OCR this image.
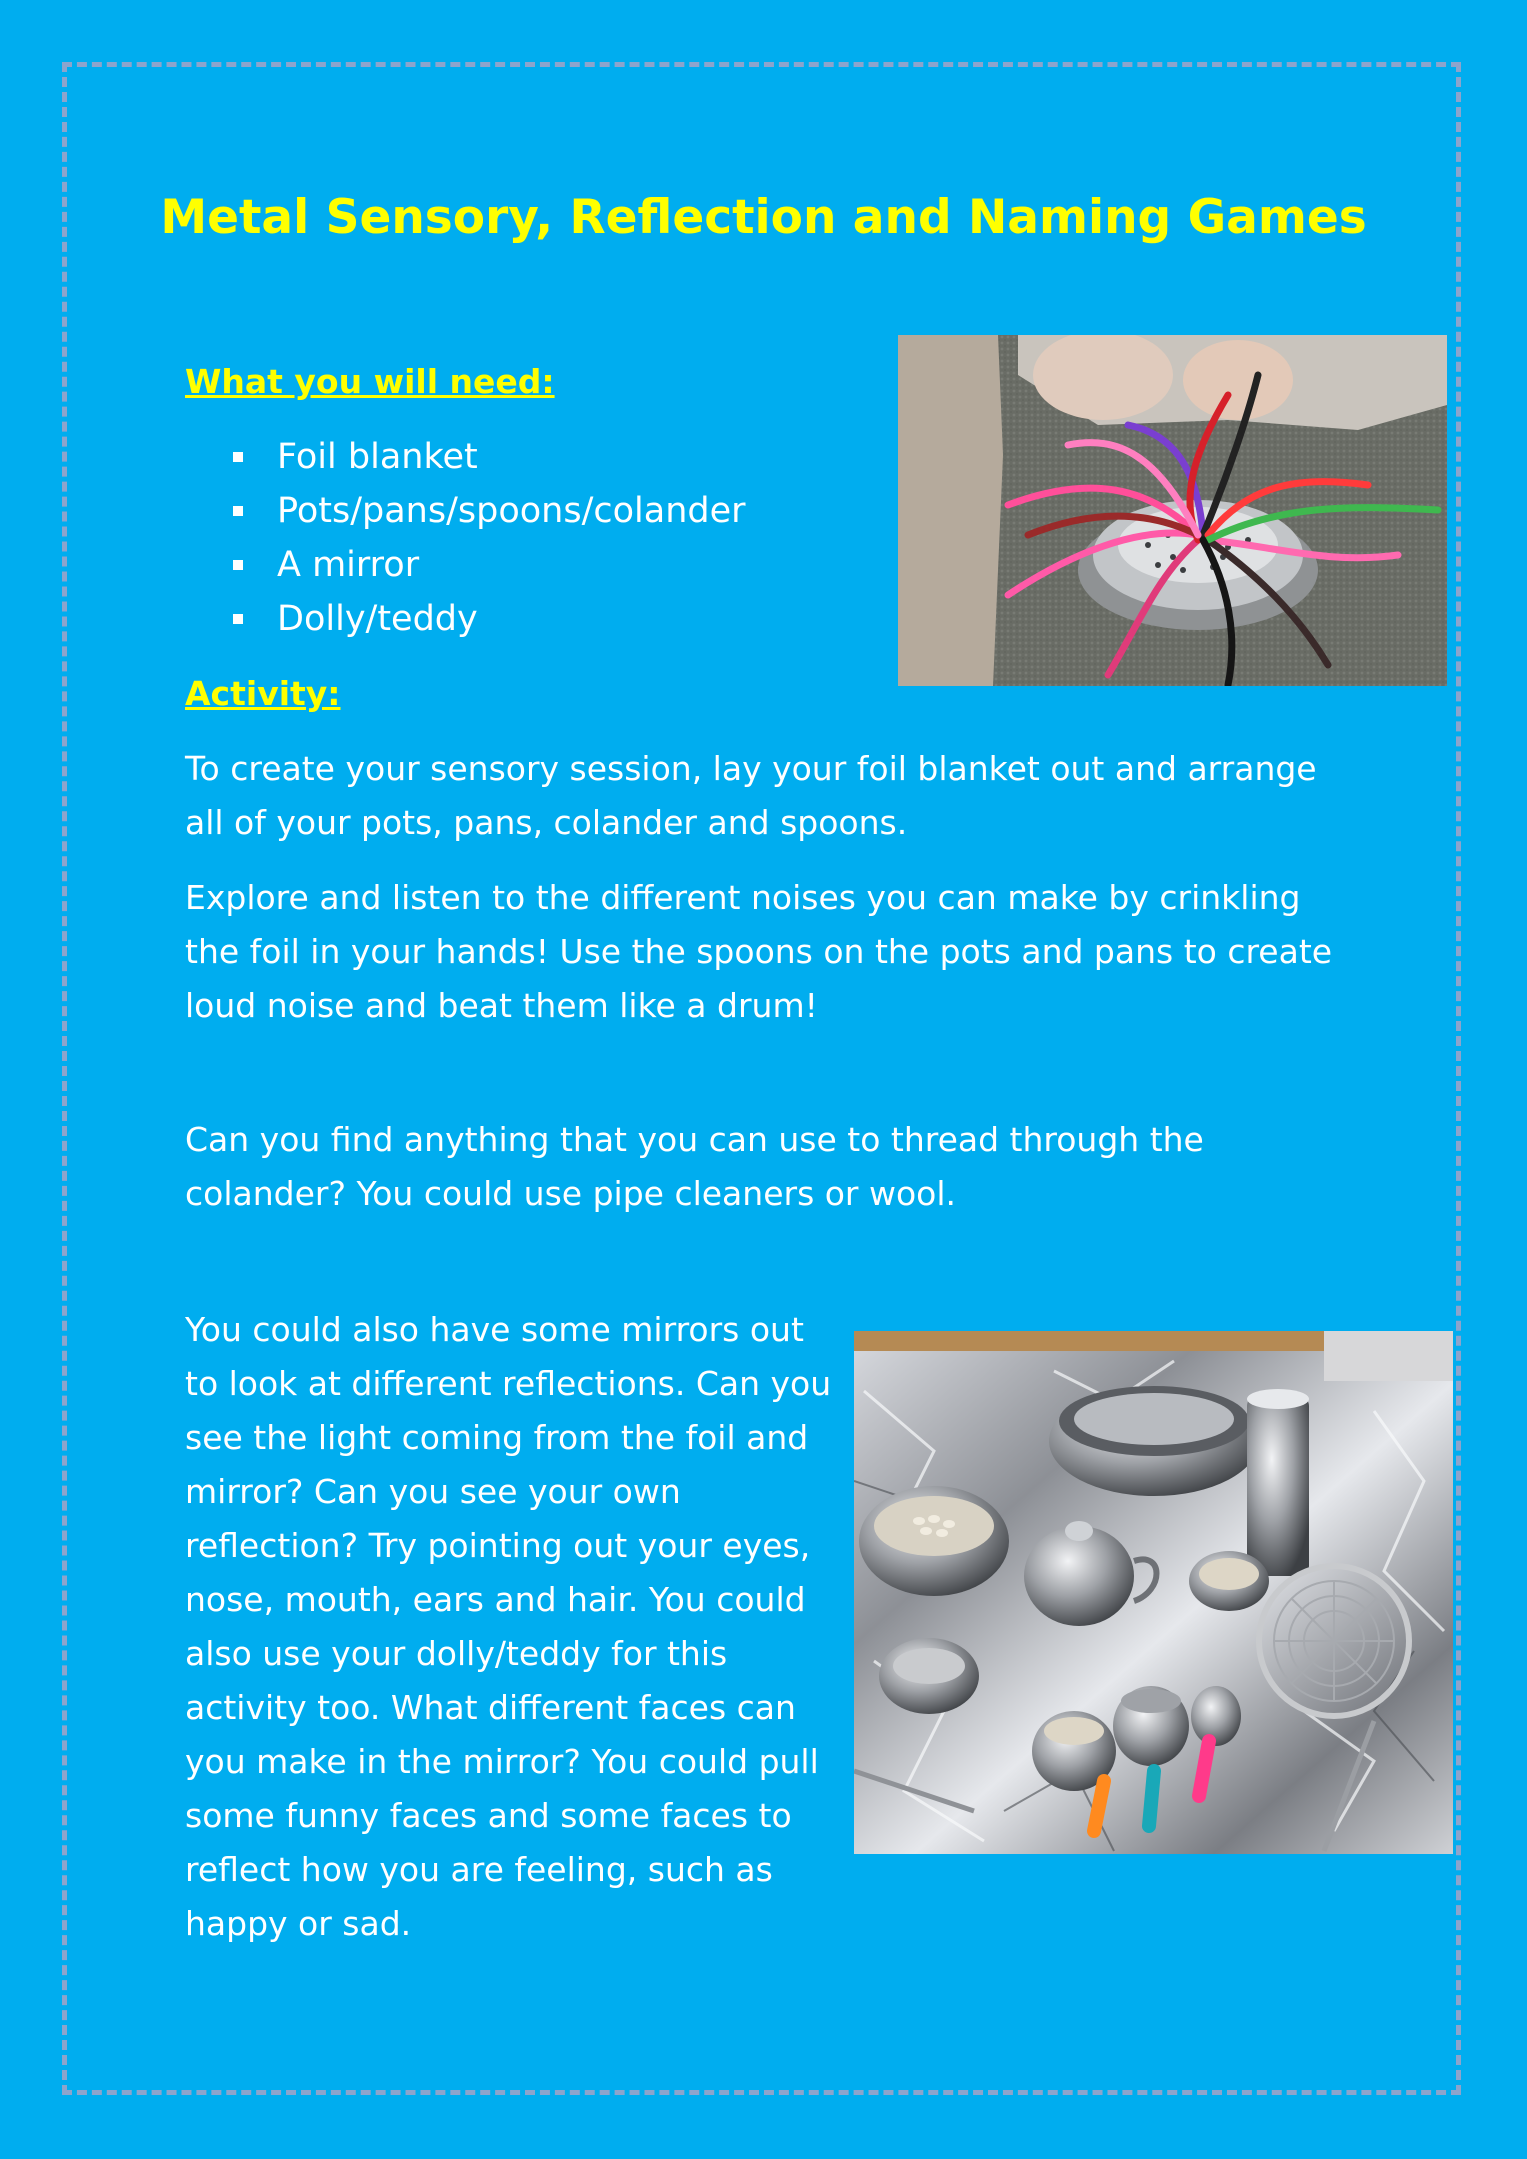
Metal Sensory, Reflection and Naming Games
What you will need:
Foil blanket
Pots/pans/spoons/colander
A mirror
Dolly/teddy
Activity:

To create your sensory session, lay your foil blanket out and arrange all of your pots, pans, colander and spoons.

Explore and listen to the different noises you can make by crinkling the foil in your hands! Use the spoons on the pots and pans to create loud noise and beat them like a drum!

Can you find anything that you can use to thread through the colander? You could use pipe cleaners or wool.

You could also have some mirrors out to look at different reflections. Can you see the light coming from the foil and mirror? Can you see your own reflection? Try pointing out your eyes, nose, mouth, ears and hair. You could also use your dolly/teddy for this activity too. What different faces can you make in the mirror? You could pull some funny faces and some faces to reflect how you are feeling, such as happy or sad.
